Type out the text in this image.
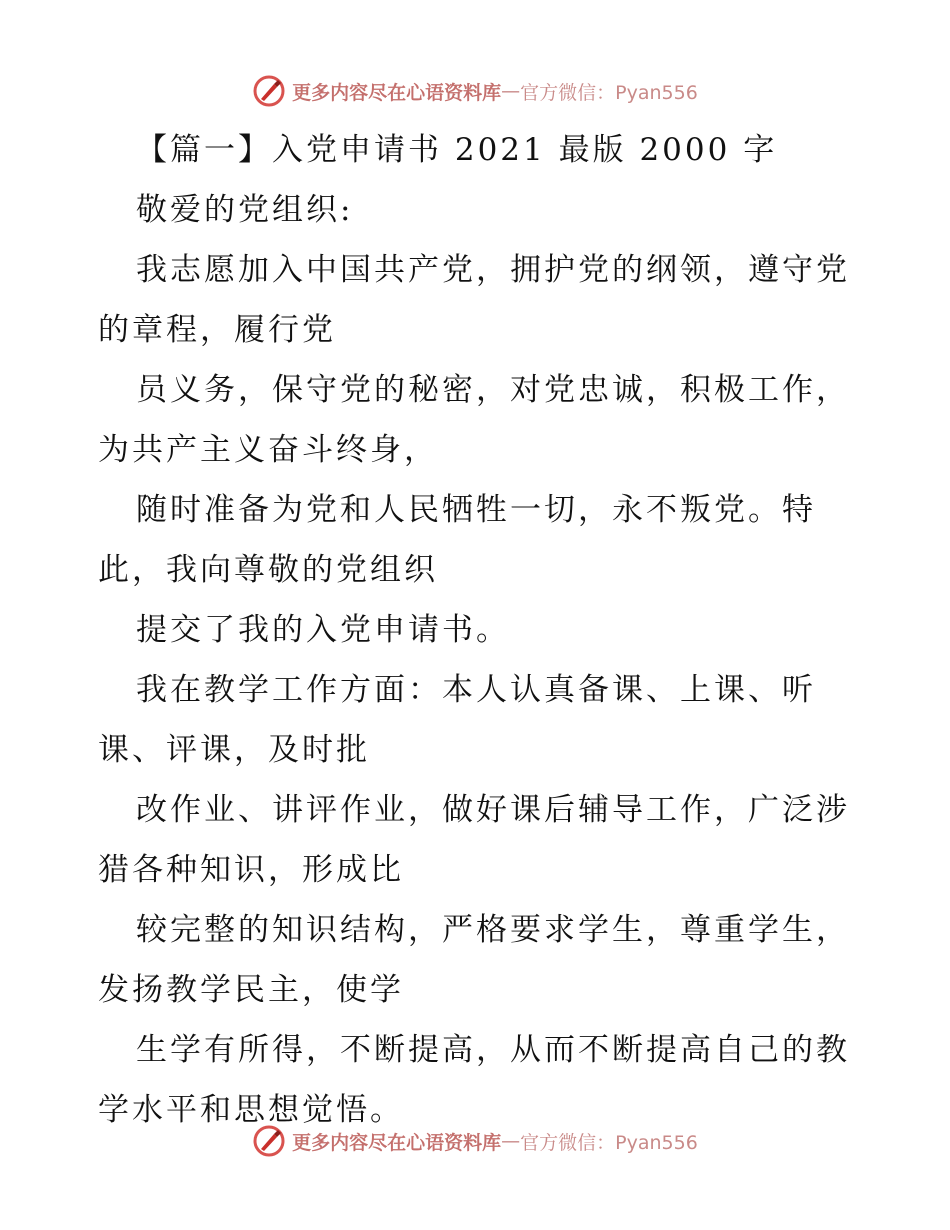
更多内容尽在心语资料库 — 官方微信：Pyan556
【篇一】入党申请书 2021 最版 2000 字
敬爱的党组织:
我志愿加入中国共产党，拥护党的纲领，遵守党
的章程，履行党
员义务，保守党的秘密，对党忠诚，积极工作，
为共产主义奋斗终身，
随时准备为党和人民牺牲一切，永不叛党。特
此，我向尊敬的党组织
提交了我的入党申请书。
我在教学工作方面：本人认真备课、上课、听
课、评课，及时批
改作业、讲评作业，做好课后辅导工作，广泛涉
猎各种知识，形成比
较完整的知识结构，严格要求学生，尊重学生，
发扬教学民主，使学
生学有所得，不断提高，从而不断提高自己的教
学水平和思想觉悟。
更多内容尽在心语资料库 — 官方微信：Pyan556
